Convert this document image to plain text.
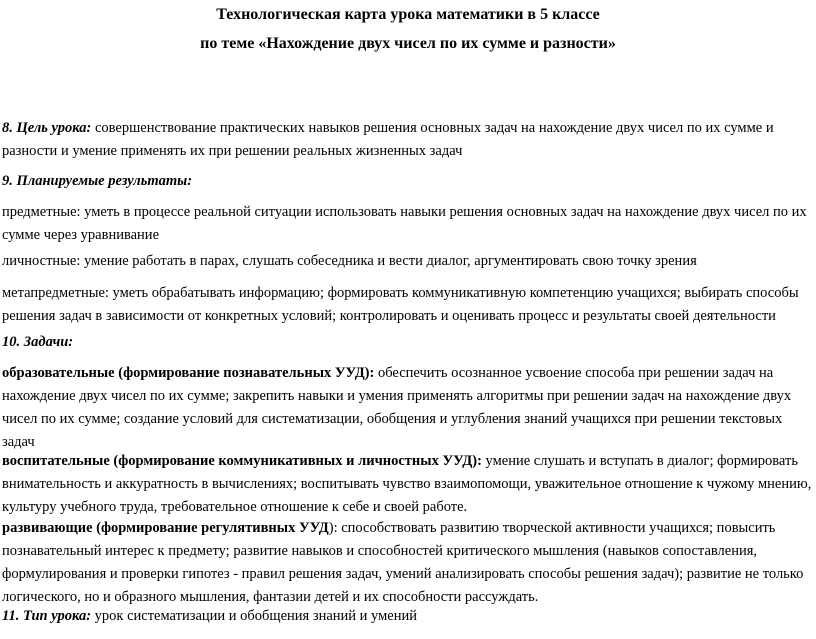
Технологическая карта урока математики в 5 классе
по теме «Нахождение двух чисел по их сумме и разности»

8. Цель урока: совершенствование практических навыков решения основных задач на нахождение двух чисел по их сумме и
разности и умение применять их при решении реальных жизненных задач

9. Планируемые результаты:

предметные: уметь в процессе реальной ситуации использовать навыки решения основных задач на нахождение двух чисел по их
сумме через уравнивание

личностные: умение работать в парах, слушать собеседника и вести диалог, аргументировать свою точку зрения

метапредметные: уметь обрабатывать информацию; формировать коммуникативную компетенцию учащихся; выбирать способы
решения задач в зависимости от конкретных условий; контролировать и оценивать процесс и результаты своей деятельности

10. Задачи:

образовательные (формирование познавательных УУД): обеспечить осознанное усвоение способа при решении задач на
нахождение двух чисел по их сумме; закрепить навыки и умения применять алгоритмы при решении задач на нахождение двух
чисел по их сумме; создание условий для систематизации, обобщения и углубления знаний учащихся при решении текстовых
задач

воспитательные (формирование коммуникативных и личностных УУД): умение слушать и вступать в диалог; формировать
внимательность и аккуратность в вычислениях; воспитывать чувство взаимопомощи, уважительное отношение к чужому мнению,
культуру учебного труда, требовательное отношение к себе и своей работе.

развивающие (формирование регулятивных УУД): способствовать развитию творческой активности учащихся; повысить
познавательный интерес к предмету; развитие навыков и способностей критического мышления (навыков сопоставления,
формулирования и проверки гипотез - правил решения задач, умений анализировать способы решения задач); развитие не только
логического, но и образного мышления, фантазии детей и их способности рассуждать.

11. Тип урока: урок систематизации и обобщения знаний и умений
